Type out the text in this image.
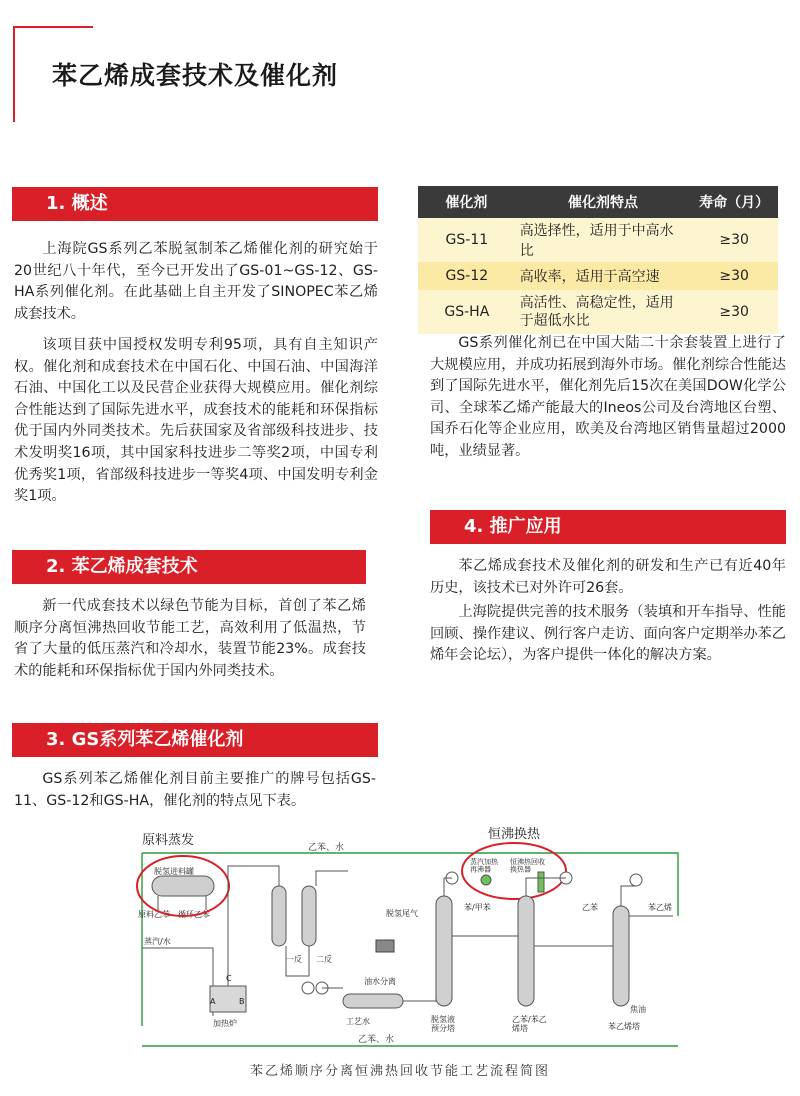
苯乙烯成套技术及催化剂
1. 概述

上海院GS系列乙苯脱氢制苯乙烯催化剂的研究始于20世纪八十年代，至今已开发出了GS-01~GS-12、GS-HA系列催化剂。在此基础上自主开发了SINOPEC苯乙烯成套技术。

该项目获中国授权发明专利95项，具有自主知识产权。催化剂和成套技术在中国石化、中国石油、中国海洋石油、中国化工以及民营企业获得大规模应用。催化剂综合性能达到了国际先进水平，成套技术的能耗和环保指标优于国内外同类技术。先后获国家及省部级科技进步、技术发明奖16项，其中国家科技进步二等奖2项，中国专利优秀奖1项，省部级科技进步一等奖4项、中国发明专利金奖1项。

2. 苯乙烯成套技术

新一代成套技术以绿色节能为目标，首创了苯乙烯顺序分离恒沸热回收节能工艺，高效利用了低温热，节省了大量的低压蒸汽和冷却水，装置节能23%。成套技术的能耗和环保指标优于国内外同类技术。

3. GS系列苯乙烯催化剂

GS系列苯乙烯催化剂目前主要推广的牌号包括GS-11、GS-12和GS-HA，催化剂的特点见下表。

催化剂	催化剂特点	寿命（月）
GS-11	高选择性，适用于中高水比	≥30
GS-12	高收率，适用于高空速	≥30
GS-HA	高活性、高稳定性，适用于超低水比	≥30

GS系列催化剂已在中国大陆二十余套装置上进行了大规模应用，并成功拓展到海外市场。催化剂综合性能达到了国际先进水平，催化剂先后15次在美国DOW化学公司、全球苯乙烯产能最大的Ineos公司及台湾地区台塑、国乔石化等企业应用，欧美及台湾地区销售量超过2000吨，业绩显著。

4. 推广应用

苯乙烯成套技术及催化剂的研发和生产已有近40年历史，该技术已对外许可26套。

上海院提供完善的技术服务（装填和开车指导、性能回顾、操作建议、例行客户走访、面向客户定期举办苯乙烯年会论坛），为客户提供一体化的解决方案。

原料蒸发	恒沸换热
乙苯、水
乙苯、水
脱氢进料罐
原料乙苯 循环乙苯
蒸汽/水
一反 二反
A	B
C
加热炉
脱氢尾气
油水分离
工艺水	脱氢液预分塔
苯/甲苯
蒸汽加热再沸器
恒沸热回收换热器
乙苯/苯乙烯塔
乙苯
苯乙烯塔
苯乙烯
焦油
苯乙烯顺序分离恒沸热回收节能工艺流程简图
